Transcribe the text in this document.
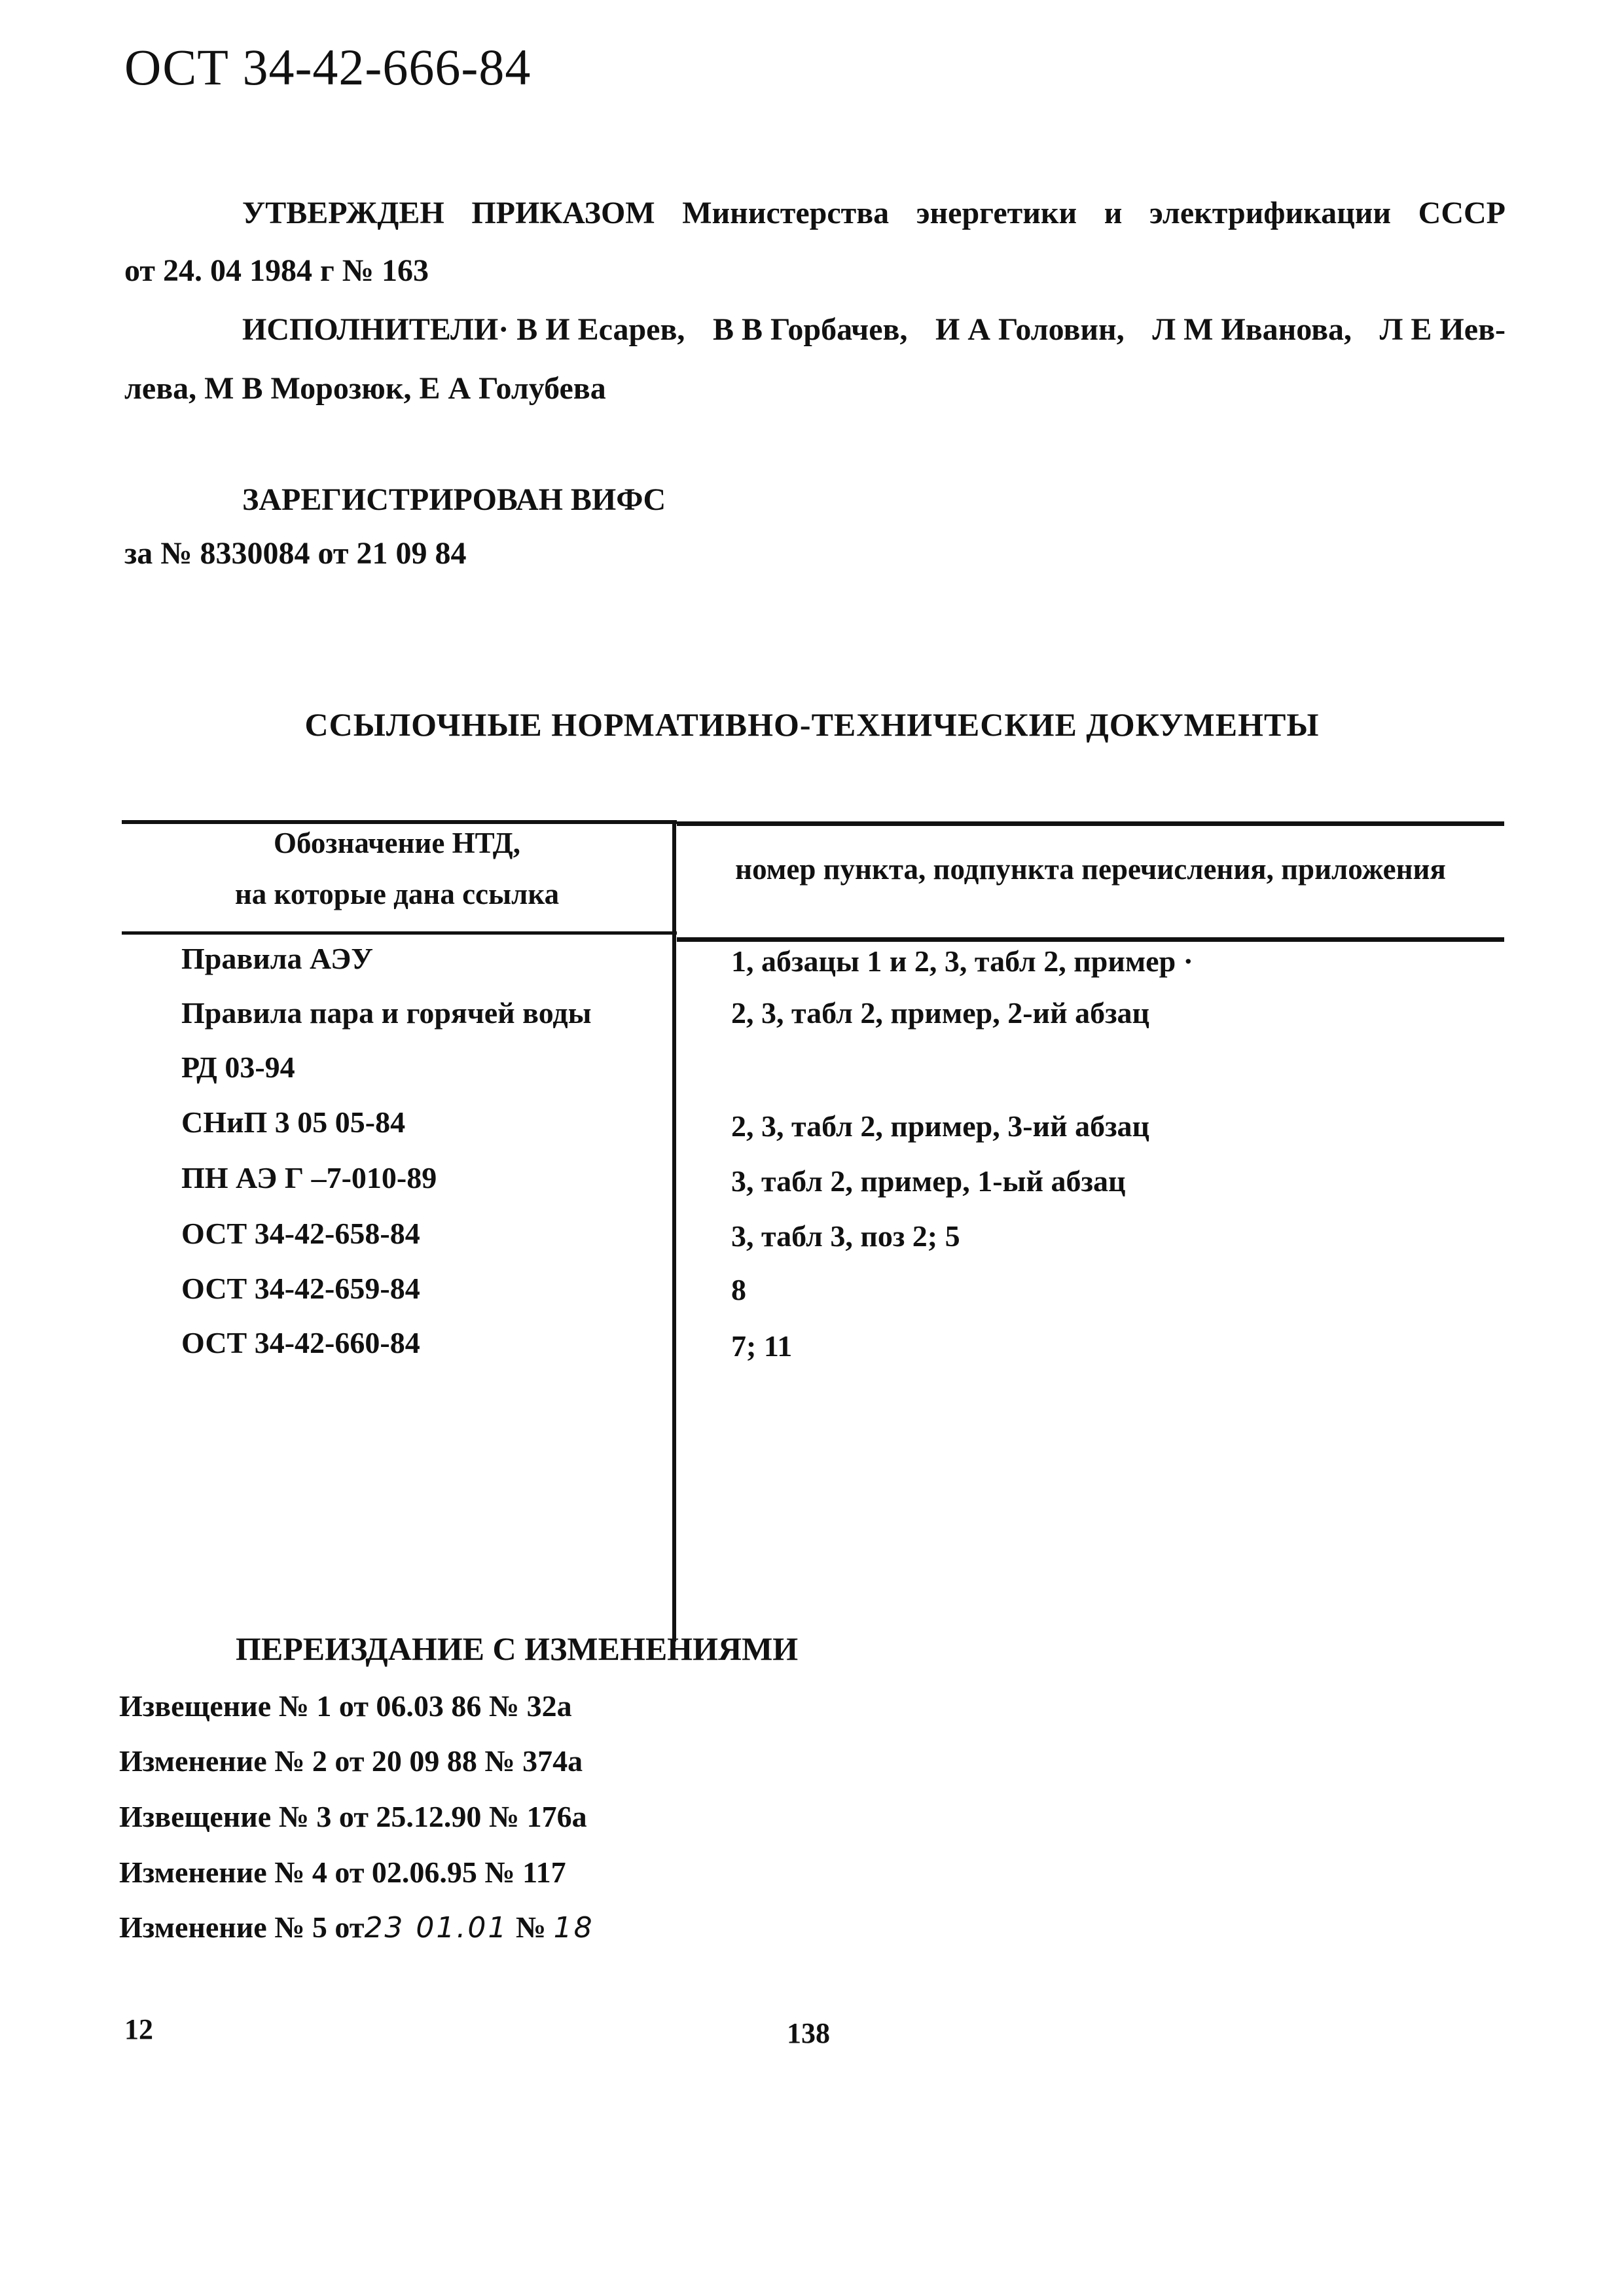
ОСТ 34-42-666-84
УТВЕРЖДЕН ПРИКАЗОМ Министерства энергетики и электрификации СССР
от 24. 04 1984 г № 163
ИСПОЛНИТЕЛИ· В И Есарев, В В Горбачев, И А Головин, Л М Иванова, Л Е Иев-
лева, М В Морозюк, Е А Голубева
ЗАРЕГИСТРИРОВАН ВИФС
за № 8330084 от 21 09 84
ССЫЛОЧНЫЕ НОРМАТИВНО-ТЕХНИЧЕСКИЕ ДОКУМЕНТЫ
Обозначение НТД,
на которые дана ссылка
номер пункта, подпункта перечисления, приложения
Правила АЭУ	1, абзацы 1 и 2, 3, табл 2, пример ·
Правила пара и горячей воды	2, 3, табл 2, пример, 2-ий абзац
РД 03-94
СНиП 3 05 05-84	2, 3, табл 2, пример, 3-ий абзац
ПН АЭ Г –7-010-89	3, табл 2, пример, 1-ый абзац
ОСТ 34-42-658-84	3, табл 3, поз 2; 5
ОСТ 34-42-659-84	8
ОСТ 34-42-660-84	7; 11
ПЕРЕИЗДАНИЕ С ИЗМЕНЕНИЯМИ
Извещение № 1 от 06.03 86 № 32а
Изменение № 2 от 20 09 88 № 374а
Извещение № 3 от 25.12.90 № 176а
Изменение № 4 от 02.06.95 № 117
Изменение № 5 от23 01.01 № 18
12	138
